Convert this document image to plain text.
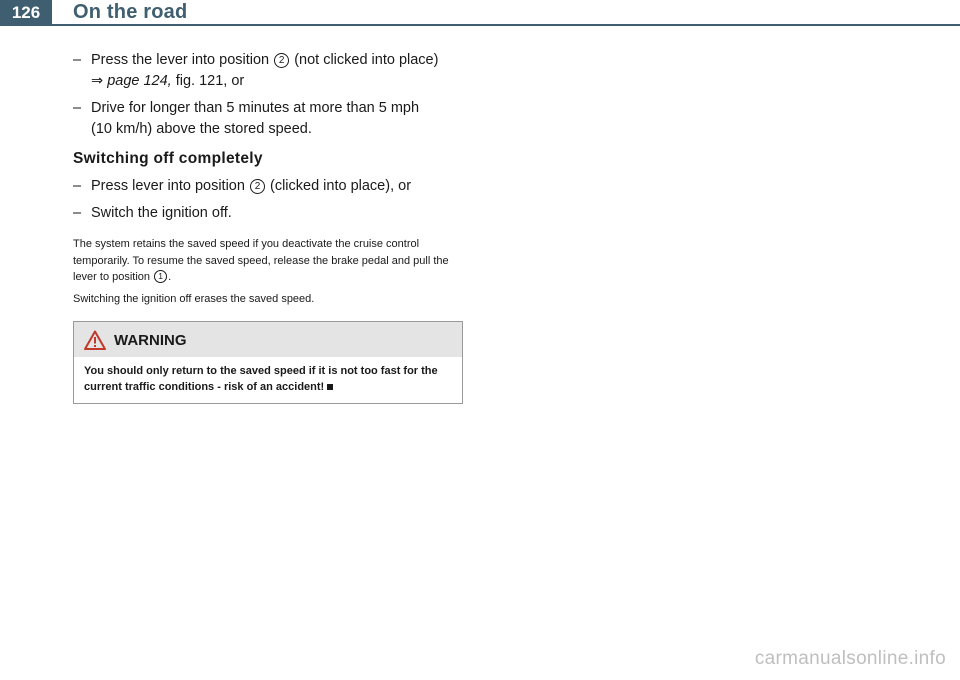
126	On the road
– Press the lever into position 2 (not clicked into place)
⇒ page 124, fig. 121, or
– Drive for longer than 5 minutes at more than 5 mph
(10 km/h) above the stored speed.
Switching off completely
– Press lever into position 2 (clicked into place), or
– Switch the ignition off.

The system retains the saved speed if you deactivate the cruise control temporarily. To resume the saved speed, release the brake pedal and pull the lever to position 1 .

Switching the ignition off erases the saved speed.

WARNING
You should only return to the saved speed if it is not too fast for the current traffic conditions - risk of an accident!
carmanualsonline.info
